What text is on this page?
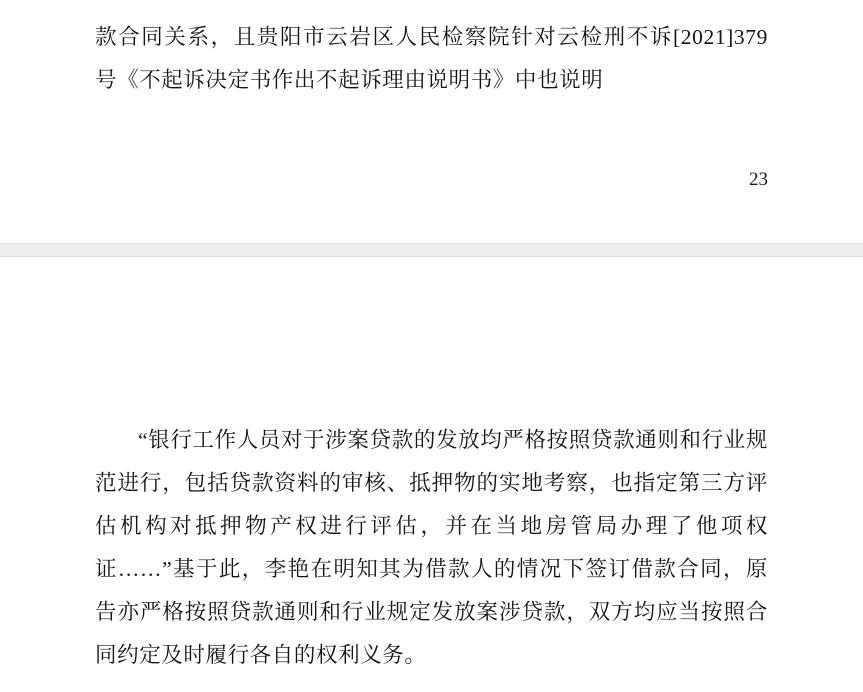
款合同关系，且贵阳市云岩区人民检察院针对云检刑不诉[2021]379 号《不起诉决定书作出不起诉理由说明书》中也说明

23

“银行工作人员对于涉案贷款的发放均严格按照贷款通则和行业规范进行，包括贷款资料的审核、抵押物的实地考察，也指定第三方评估机构对抵押物产权进行评估，并在当地房管局办理了他项权证……”基于此，李艳在明知其为借款人的情况下签订借款合同，原告亦严格按照贷款通则和行业规定发放案涉贷款，双方均应当按照合同约定及时履行各自的权利义务。
